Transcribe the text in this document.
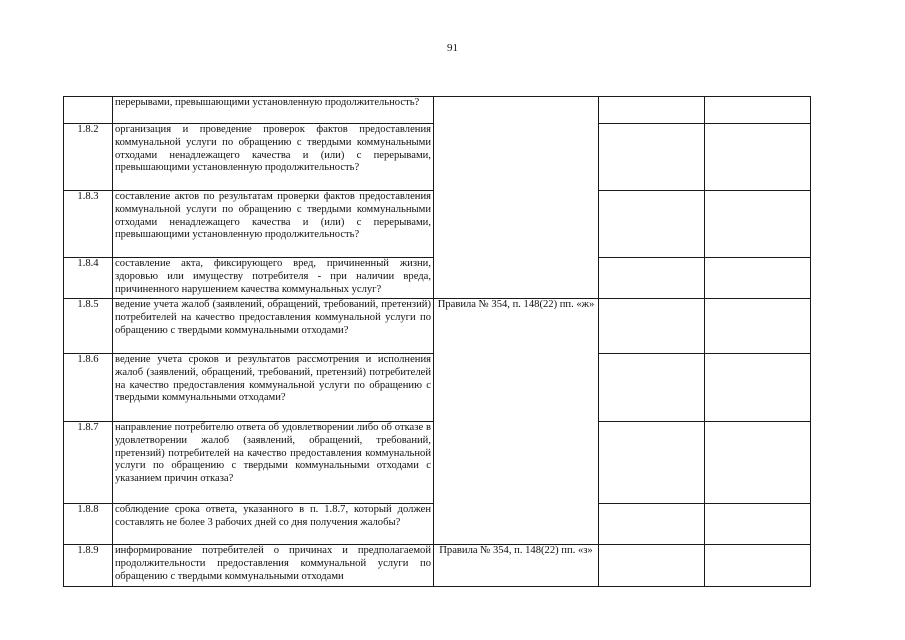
91
	перерывами, превышающими установленную продолжительность?			
1.8.2	организация и проведение проверок фактов предоставления коммунальной услуги по обращению с твердыми коммунальными отходами ненадлежащего качества и (или) с перерывами, превышающими установленную продолжительность?			
1.8.3	составление актов по результатам проверки фактов предоставления коммунальной услуги по обращению с твердыми коммунальными отходами ненадлежащего качества и (или) с перерывами, превышающими установленную продолжительность?			
1.8.4	составление акта, фиксирующего вред, причиненный жизни, здоровью или имуществу потребителя - при наличии вреда, причиненного нарушением качества коммунальных услуг?			
1.8.5	ведение учета жалоб (заявлений, обращений, требований, претензий) потребителей на качество предоставления коммунальной услуги по обращению с твердыми коммунальными отходами?	Правила № 354, п. 148(22) пп. «ж»		
1.8.6	ведение учета сроков и результатов рассмотрения и исполнения жалоб (заявлений, обращений, требований, претензий) потребителей на качество предоставления коммунальной услуги по обращению с твердыми коммунальными отходами?			
1.8.7	направление потребителю ответа об удовлетворении либо об отказе в удовлетворении жалоб (заявлений, обращений, требований, претензий) потребителей на качество предоставления коммунальной услуги по обращению с твердыми коммунальными отходами с указанием причин отказа?			
1.8.8	соблюдение срока ответа, указанного в п. 1.8.7, который должен составлять не более 3 рабочих дней со дня получения жалобы?			
1.8.9	информирование потребителей о причинах и предполагаемой продолжительности предоставления коммунальной услуги по обращению с твердыми коммунальными отходами	Правила № 354, п. 148(22) пп. «з»		
